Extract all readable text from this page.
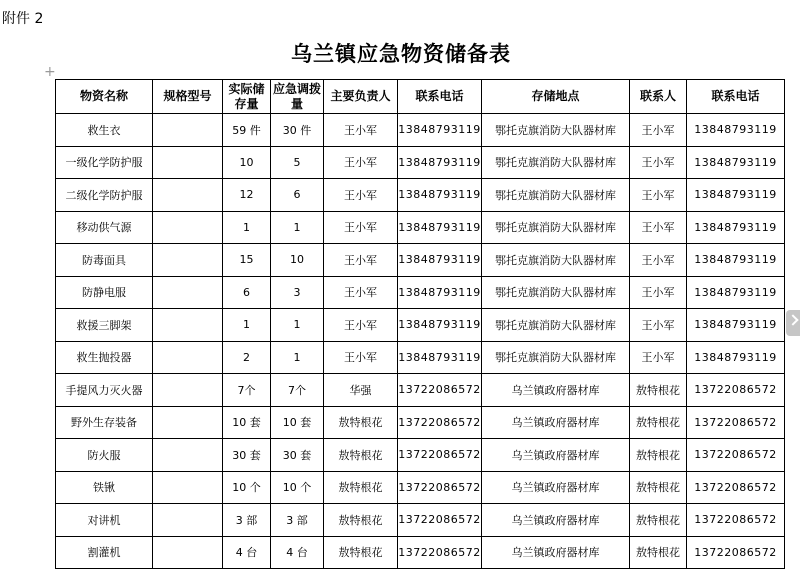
附件 2
+
乌兰镇应急物资储备表
物资名称	规格型号	实际储存量	应急调拨量	主要负责人	联系电话	存储地点	联系人	联系电话
救生衣		59 件	30 件	王小军	13848793119	鄂托克旗消防大队器材库	王小军	13848793119
一级化学防护服		10	5	王小军	13848793119	鄂托克旗消防大队器材库	王小军	13848793119
二级化学防护服		12	6	王小军	13848793119	鄂托克旗消防大队器材库	王小军	13848793119
移动供气源		1	1	王小军	13848793119	鄂托克旗消防大队器材库	王小军	13848793119
防毒面具		15	10	王小军	13848793119	鄂托克旗消防大队器材库	王小军	13848793119
防静电服		6	3	王小军	13848793119	鄂托克旗消防大队器材库	王小军	13848793119
救援三脚架		1	1	王小军	13848793119	鄂托克旗消防大队器材库	王小军	13848793119
救生抛投器		2	1	王小军	13848793119	鄂托克旗消防大队器材库	王小军	13848793119
手提风力灭火器		7个	7个	华强	13722086572	乌兰镇政府器材库	敖特根花	13722086572
野外生存装备		10 套	10 套	敖特根花	13722086572	乌兰镇政府器材库	敖特根花	13722086572
防火服		30 套	30 套	敖特根花	13722086572	乌兰镇政府器材库	敖特根花	13722086572
铁锹		10 个	10 个	敖特根花	13722086572	乌兰镇政府器材库	敖特根花	13722086572
对讲机		3 部	3 部	敖特根花	13722086572	乌兰镇政府器材库	敖特根花	13722086572
割灌机		4 台	4 台	敖特根花	13722086572	乌兰镇政府器材库	敖特根花	13722086572
